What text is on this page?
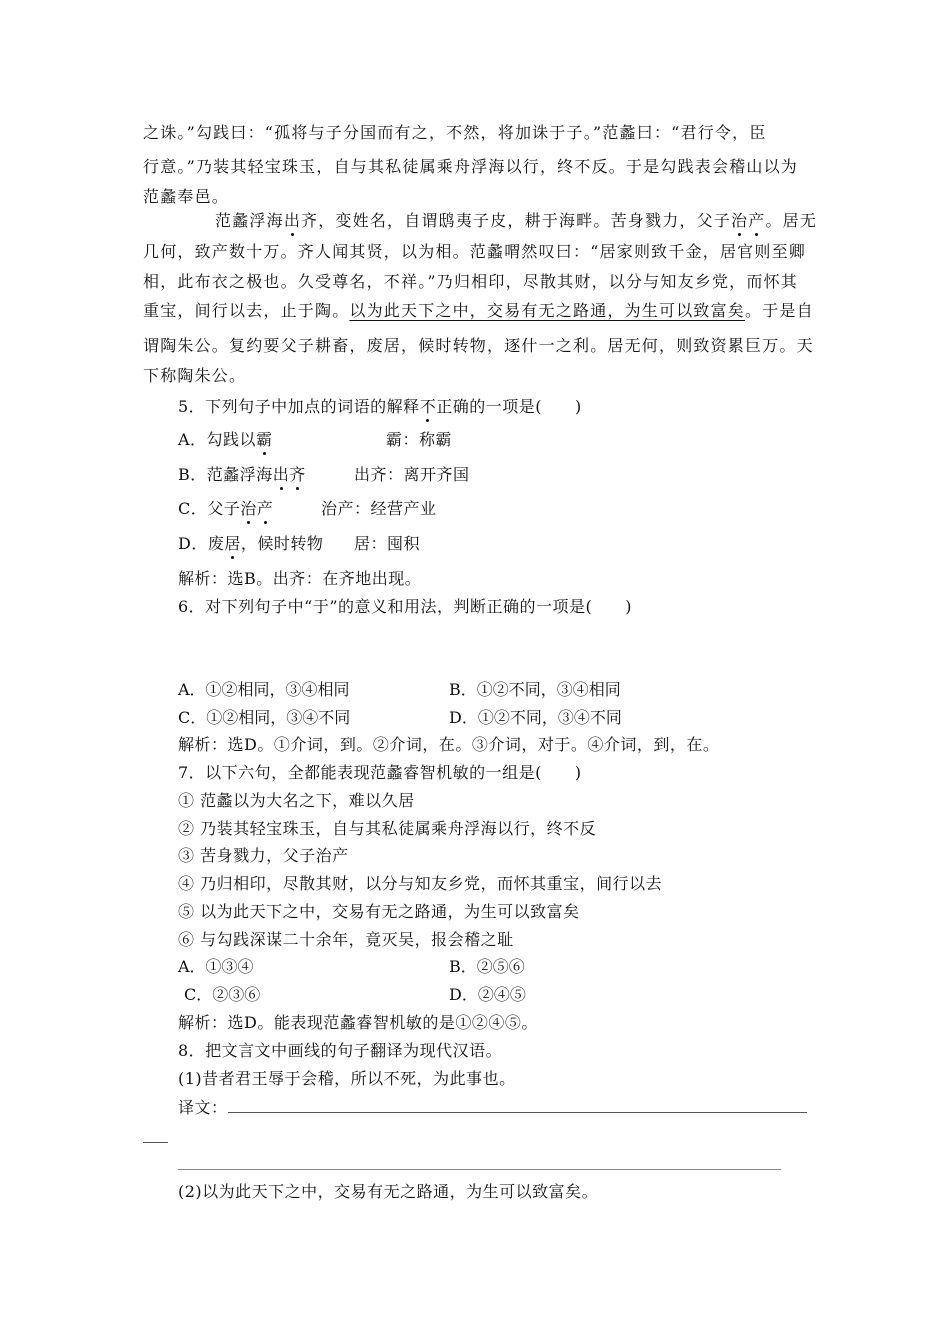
之诛。”勾践曰：“孤将与子分国而有之，不然，将加诛于子。”范蠡曰：“君行令，臣
行意。”乃装其轻宝珠玉，自与其私徒属乘舟浮海以行，终不反。于是勾践表会稽山以为
范蠡奉邑。
范蠡浮海出齐，变姓名，自谓鸱夷子皮，耕于海畔。苦身戮力，父子治产。居无
几何，致产数十万。齐人闻其贤，以为相。范蠡喟然叹曰：“居家则致千金，居官则至卿
相，此布衣之极也。久受尊名，不祥。”乃归相印，尽散其财，以分与知友乡党，而怀其
重宝，间行以去，止于陶。以为此天下之中，交易有无之路通，为生可以致富矣。于是自
谓陶朱公。复约要父子耕畜，废居，候时转物，逐什一之利。居无何，则致资累巨万。天
下称陶朱公。
5．下列句子中加点的词语的解释不正确的一项是(　　)
A．勾践以霸	霸：称霸
B．范蠡浮海出齐	出齐：离开齐国
C．父子治产	治产：经营产业
D．废居，候时转物 居：囤积
解析：选B。出齐：在齐地出现。
6．对下列句子中“于”的意义和用法，判断正确的一项是(　　)
A．①②相同，③④相同	B．①②不同，③④相同
C．①②相同，③④不同	D．①②不同，③④不同
解析：选D。①介词，到。②介词，在。③介词，对于。④介词，到，在。
7．以下六句，全都能表现范蠡睿智机敏的一组是(　　)
① 范蠡以为大名之下，难以久居
② 乃装其轻宝珠玉，自与其私徒属乘舟浮海以行，终不反
③ 苦身戮力，父子治产
④ 乃归相印，尽散其财，以分与知友乡党，而怀其重宝，间行以去
⑤ 以为此天下之中，交易有无之路通，为生可以致富矣
⑥ 与勾践深谋二十余年，竟灭吴，报会稽之耻
A．①③④	B．②⑤⑥
C．②③⑥	D．②④⑤
解析：选D。能表现范蠡睿智机敏的是①②④⑤。
8．把文言文中画线的句子翻译为现代汉语。
(1)昔者君王辱于会稽，所以不死，为此事也。
译文：
(2)以为此天下之中，交易有无之路通，为生可以致富矣。
